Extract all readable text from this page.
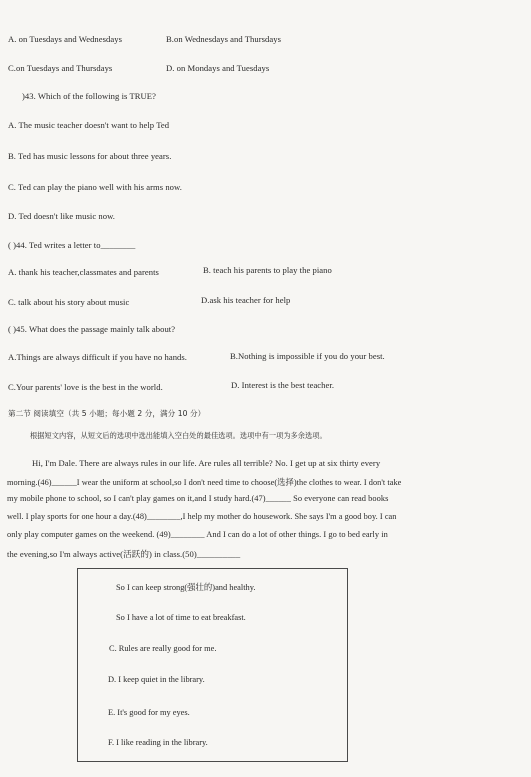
A. on Tuesdays and Wednesdays	B.on Wednesdays and Thursdays
C.on Tuesdays and Thursdays	D. on Mondays and Tuesdays
)43. Which of the following is TRUE?
A. The music teacher doesn't want to help Ted
B. Ted has music lessons for about three years.
C. Ted can play the piano well with his arms now.
D. Ted doesn't like music now.
( )44. Ted writes a letter to________
A. thank his teacher,classmates and parents	B. teach his parents to play the piano
C. talk about his story about music	D.ask his teacher for help
( )45. What does the passage mainly talk about?
A.Things are always difficult if you have no hands.	B.Nothing is impossible if you do your best.
C.Your parents' love is the best in the world.	D. Interest is the best teacher.
第二节 阅读填空（共 5 小题；每小题 2 分，满分 10 分）
根据短文内容，从短文后的选项中选出能填入空白处的最佳选项。选项中有一项为多余选项。
Hi, I'm Dale. There are always rules in our life. Are rules all terrible? No. I get up at six thirty every
morning.(46)______I wear the uniform at school,so I don't need time to choose(选择)the clothes to wear. I don't take
my mobile phone to school, so I can't play games on it,and I study hard.(47)______ So everyone can read books
well. I play sports for one hour a day.(48)________,I help my mother do housework. She says I'm a good boy. I can
only play computer games on the weekend. (49)________ And I can do a lot of other things. I go to bed early in
the evening,so I'm always active(活跃的) in class.(50)__________
So I can keep strong(强壮的)and healthy.
So I have a lot of time to eat breakfast.
C. Rules are really good for me.
D. I keep quiet in the library.
E. It's good for my eyes.
F. I like reading in the library.
